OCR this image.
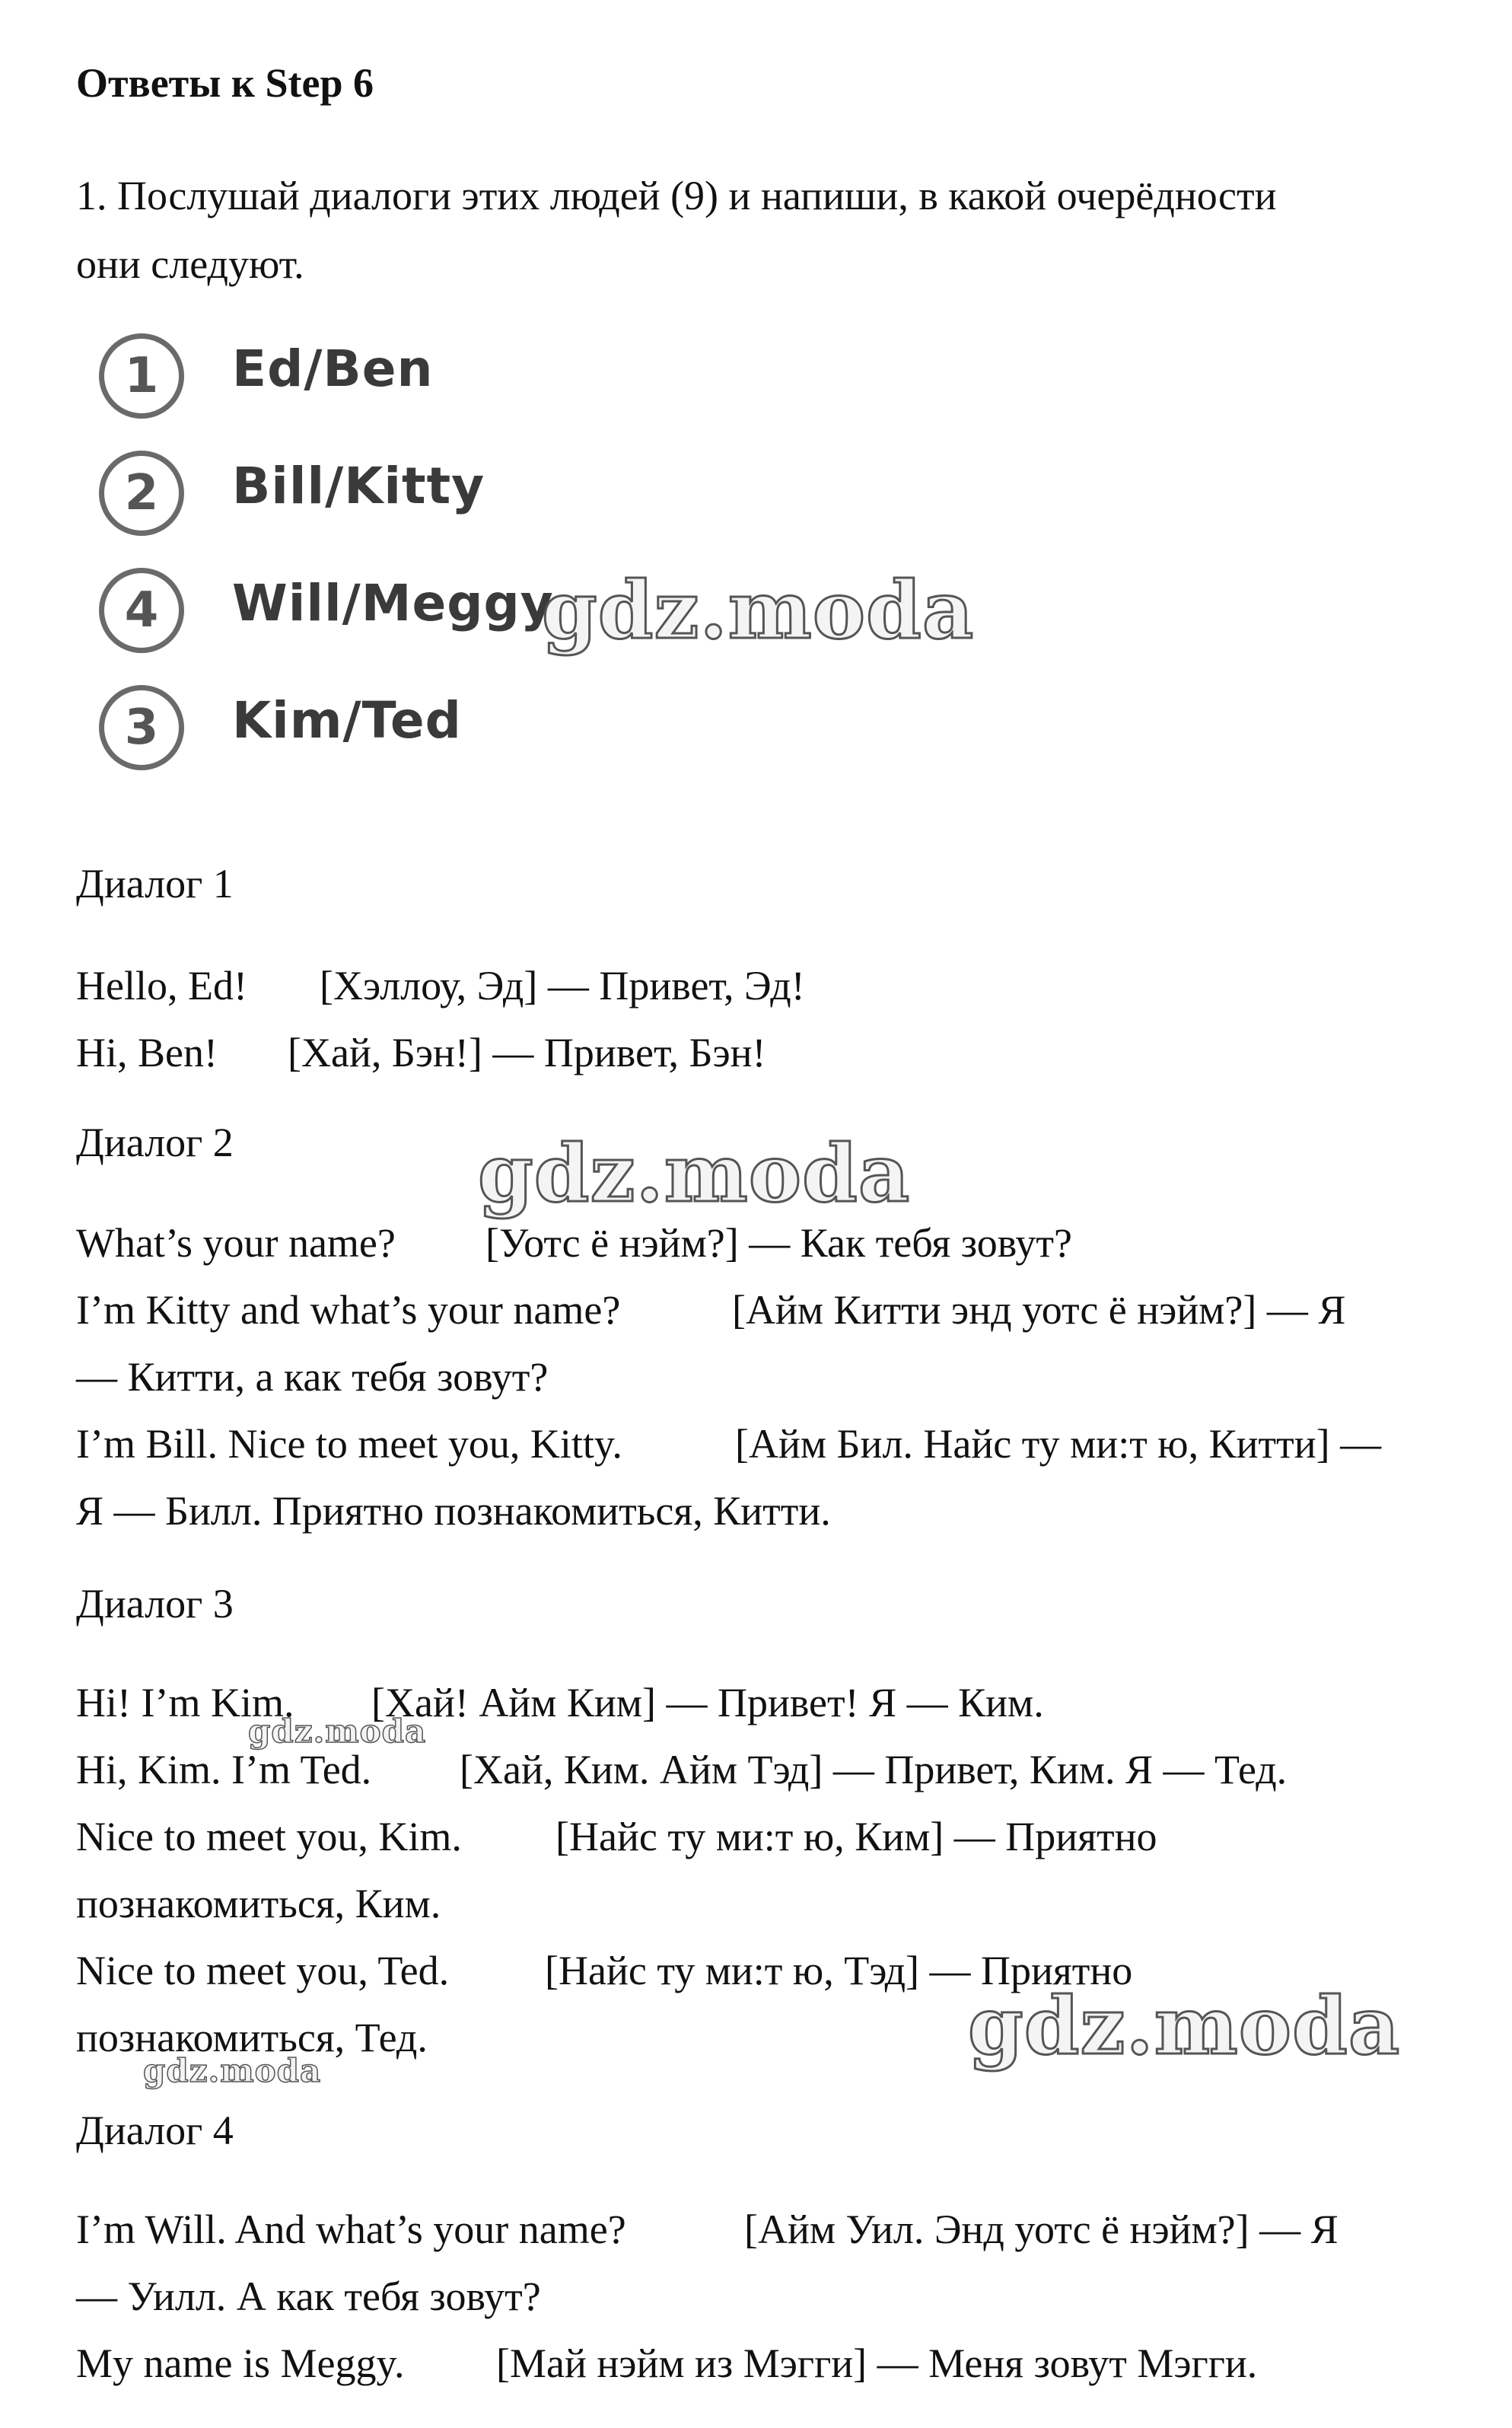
Ответы к Step 6
1. Послушай диалоги этих людей (9) и напиши, в какой очерёдности
они следуют.
1	Ed/Ben
2	Bill/Kitty
4	Will/Meggy
3	Kim/Ted
Диалог 1
Hello, Ed! [Хэллоу, Эд] — Привет, Эд!
Hi, Ben! [Хай, Бэн!] — Привет, Бэн!
Диалог 2
What’s your name? [Уотс ё нэйм?] — Как тебя зовут?
I’m Kitty and what’s your name?	[Айм Китти энд уотс ё нэйм?] — Я
— Китти, а как тебя зовут?
I’m Bill. Nice to meet you, Kitty.	[Айм Бил. Найс ту ми:т ю, Китти] —
Я — Билл. Приятно познакомиться, Китти.
Диалог 3
Hi! I’m Kim. [Хай! Айм Ким] — Привет! Я — Ким.
Hi, Kim. I’m Ted. [Хай, Ким. Айм Тэд] — Привет, Ким. Я — Тед.
Nice to meet you, Kim. [Найс ту ми:т ю, Ким] — Приятно
познакомиться, Ким.
Nice to meet you, Ted. [Найс ту ми:т ю, Тэд] — Приятно
познакомиться, Тед.
Диалог 4
I’m Will. And what’s your name?	[Айм Уил. Энд уотс ё нэйм?] — Я
— Уилл. А как тебя зовут?
My name is Meggy. [Май нэйм из Мэгги] — Меня зовут Мэгги.
gdz.moda
gdz.moda
gdz.moda
gdz.moda
gdz.moda
